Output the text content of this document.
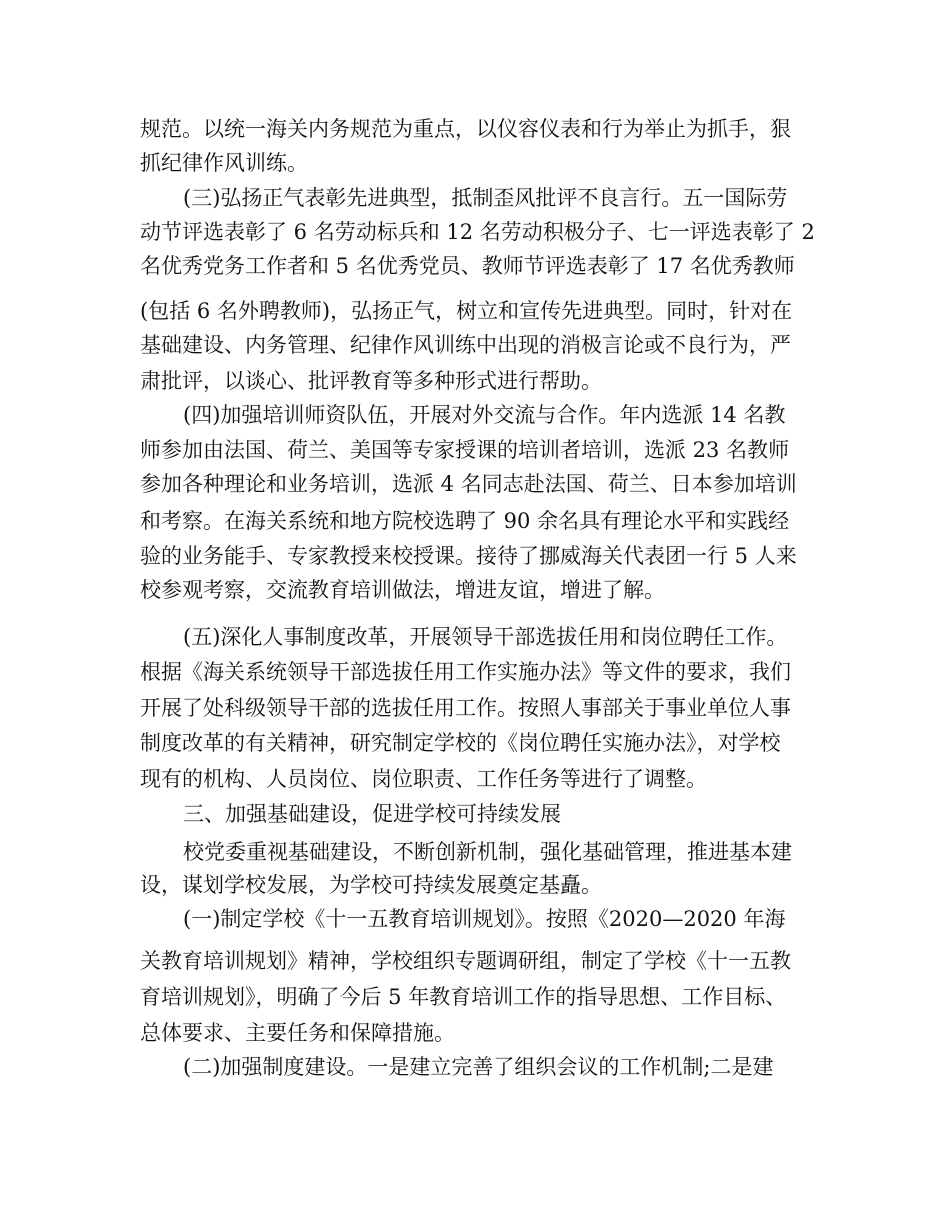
规范。以统一海关内务规范为重点，以仪容仪表和行为举止为抓手，狠
抓纪律作风训练。
(三)弘扬正气表彰先进典型，抵制歪风批评不良言行。五一国际劳
动节评选表彰了 6 名劳动标兵和 12 名劳动积极分子、七一评选表彰了 2
名优秀党务工作者和 5 名优秀党员、教师节评选表彰了 17 名优秀教师
(包括 6 名外聘教师)，弘扬正气，树立和宣传先进典型。同时，针对在
基础建设、内务管理、纪律作风训练中出现的消极言论或不良行为，严
肃批评，以谈心、批评教育等多种形式进行帮助。
(四)加强培训师资队伍，开展对外交流与合作。年内选派 14 名教
师参加由法国、荷兰、美国等专家授课的培训者培训，选派 23 名教师
参加各种理论和业务培训，选派 4 名同志赴法国、荷兰、日本参加培训
和考察。在海关系统和地方院校选聘了 90 余名具有理论水平和实践经
验的业务能手、专家教授来校授课。接待了挪威海关代表团一行 5 人来
校参观考察，交流教育培训做法，增进友谊，增进了解。
(五)深化人事制度改革，开展领导干部选拔任用和岗位聘任工作。
根据《海关系统领导干部选拔任用工作实施办法》等文件的要求，我们
开展了处科级领导干部的选拔任用工作。按照人事部关于事业单位人事
制度改革的有关精神，研究制定学校的《岗位聘任实施办法》，对学校
现有的机构、人员岗位、岗位职责、工作任务等进行了调整。
三、加强基础建设，促进学校可持续发展
校党委重视基础建设，不断创新机制，强化基础管理，推进基本建
设，谋划学校发展，为学校可持续发展奠定基矗。
(一)制定学校《十一五教育培训规划》。按照《2020—2020 年海
关教育培训规划》精神，学校组织专题调研组，制定了学校《十一五教
育培训规划》，明确了今后 5 年教育培训工作的指导思想、工作目标、
总体要求、主要任务和保障措施。
(二)加强制度建设。一是建立完善了组织会议的工作机制;二是建
